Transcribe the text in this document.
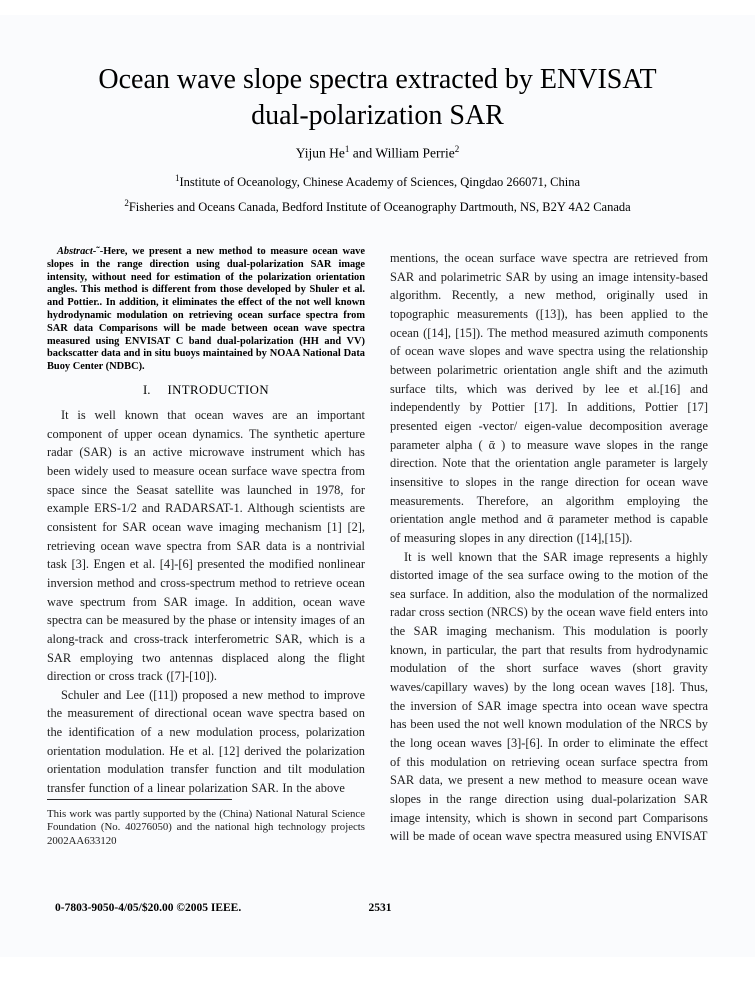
Ocean wave slope spectra extracted by ENVISAT
dual-polarization SAR
Yijun He$^1$ and William Perrie$^2$
$^1$Institute of Oceanology, Chinese Academy of Sciences, Qingdao 266071, China
$^2$Fisheries and Oceans Canada, Bedford Institute of Oceanography Dartmouth, NS, B2Y 4A2 Canada

Abstract-˜-Here, we present a new method to measure ocean wave slopes in the range direction using dual-polarization SAR image intensity, without need for estimation of the polarization orientation angles. This method is different from those developed by Shuler et al. and Pottier.. In addition, it eliminates the effect of the not well known hydrodynamic modulation on retrieving ocean surface spectra from SAR data Comparisons will be made between ocean wave spectra measured using ENVISAT C band dual-polarization (HH and VV) backscatter data and in situ buoys maintained by NOAA National Data Buoy Center (NDBC).

I. INTRODUCTION

It is well known that ocean waves are an important component of upper ocean dynamics. The synthetic aperture radar (SAR) is an active microwave instrument which has been widely used to measure ocean surface wave spectra from space since the Seasat satellite was launched in 1978, for example ERS-1/2 and RADARSAT-1. Although scientists are consistent for SAR ocean wave imaging mechanism [1] [2], retrieving ocean wave spectra from SAR data is a nontrivial task [3]. Engen et al. [4]-[6] presented the modified nonlinear inversion method and cross-spectrum method to retrieve ocean wave spectrum from SAR image. In addition, ocean wave spectra can be measured by the phase or intensity images of an along-track and cross-track interferometric SAR, which is a SAR employing two antennas displaced along the flight direction or cross track ([7]-[10]).

Schuler and Lee ([11]) proposed a new method to improve the measurement of directional ocean wave spectra based on the identification of a new modulation process, polarization orientation modulation. He et al. [12] derived the polarization orientation modulation transfer function and tilt modulation transfer function of a linear polarization SAR. In the above

This work was partly supported by the (China) National Natural Science Foundation (No. 40276050) and the national high technology projects 2002AA633120

mentions, the ocean surface wave spectra are retrieved from SAR and polarimetric SAR by using an image intensity-based algorithm. Recently, a new method, originally used in topographic measurements ([13]), has been applied to the ocean ([14], [15]). The method measured azimuth components of ocean wave slopes and wave spectra using the relationship between polarimetric orientation angle shift and the azimuth surface tilts, which was derived by lee et al.[16] and independently by Pottier [17]. In additions, Pottier [17] presented eigen -vector/ eigen-value decomposition average parameter alpha ( ᾱ ) to measure wave slopes in the range direction. Note that the orientation angle parameter is largely insensitive to slopes in the range direction for ocean wave measurements. Therefore, an algorithm employing the orientation angle method and ᾱ parameter method is capable of measuring slopes in any direction ([14],[15]).

It is well known that the SAR image represents a highly distorted image of the sea surface owing to the motion of the sea surface. In addition, also the modulation of the normalized radar cross section (NRCS) by the ocean wave field enters into the SAR imaging mechanism. This modulation is poorly known, in particular, the part that results from hydrodynamic modulation of the short surface waves (short gravity waves/capillary waves) by the long ocean waves [18]. Thus, the inversion of SAR image spectra into ocean wave spectra has been used the not well known modulation of the NRCS by the long ocean waves [3]-[6]. In order to eliminate the effect of this modulation on retrieving ocean surface spectra from SAR data, we present a new method to measure ocean wave slopes in the range direction using dual-polarization SAR image intensity, which is shown in second part Comparisons will be made of ocean wave spectra measured using ENVISAT

0-7803-9050-4/05/$20.00 ©2005 IEEE.	2531
